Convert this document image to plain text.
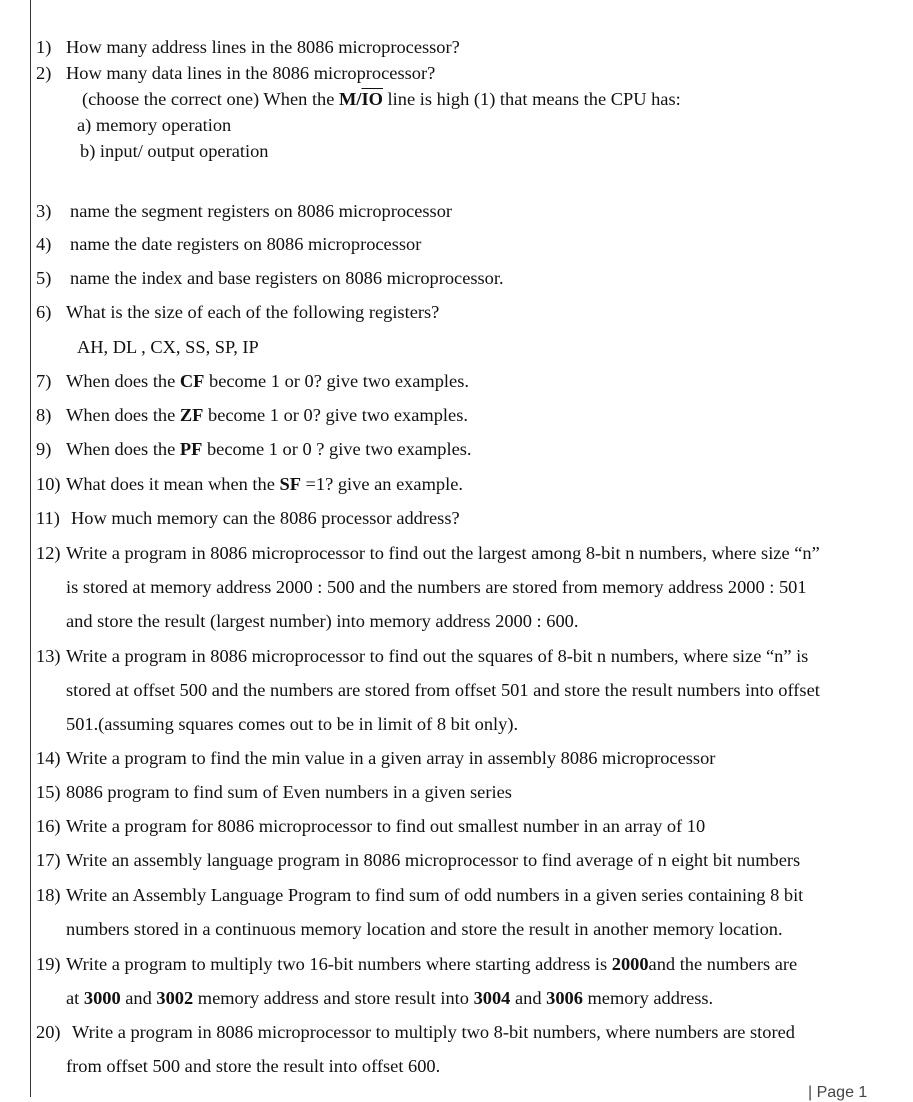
1) How many address lines in the 8086 microprocessor?
2) How many data lines in the 8086 microprocessor?
(choose the correct one) When the $M/\overline{IO}$ line is high (1) that means the CPU has:
a) memory operation
b) input/ output operation
3) name the segment registers on 8086 microprocessor
4) name the date registers on 8086 microprocessor
5) name the index and base registers on 8086 microprocessor.
6) What is the size of each of the following registers?
AH, DL , CX, SS, SP, IP
7) When does the CF become 1 or 0? give two examples.
8) When does the ZF become 1 or 0? give two examples.
9) When does the PF become 1 or 0 ? give two examples.
10) What does it mean when the SF =1? give an example.
11) How much memory can the 8086 processor address?
12) Write a program in 8086 microprocessor to find out the largest among 8-bit n numbers, where size “n”
is stored at memory address 2000 : 500 and the numbers are stored from memory address 2000 : 501
and store the result (largest number) into memory address 2000 : 600.
13) Write a program in 8086 microprocessor to find out the squares of 8-bit n numbers, where size “n” is
stored at offset 500 and the numbers are stored from offset 501 and store the result numbers into offset
501.(assuming squares comes out to be in limit of 8 bit only).
14) Write a program to find the min value in a given array in assembly 8086 microprocessor
15) 8086 program to find sum of Even numbers in a given series
16) Write a program for 8086 microprocessor to find out smallest number in an array of 10
17) Write an assembly language program in 8086 microprocessor to find average of n eight bit numbers
18) Write an Assembly Language Program to find sum of odd numbers in a given series containing 8 bit
numbers stored in a continuous memory location and store the result in another memory location.
19) Write a program to multiply two 16-bit numbers where starting address is 2000and the numbers are
at 3000 and 3002 memory address and store result into 3004 and 3006 memory address.
20) Write a program in 8086 microprocessor to multiply two 8-bit numbers, where numbers are stored
from offset 500 and store the result into offset 600.
| Page 1
